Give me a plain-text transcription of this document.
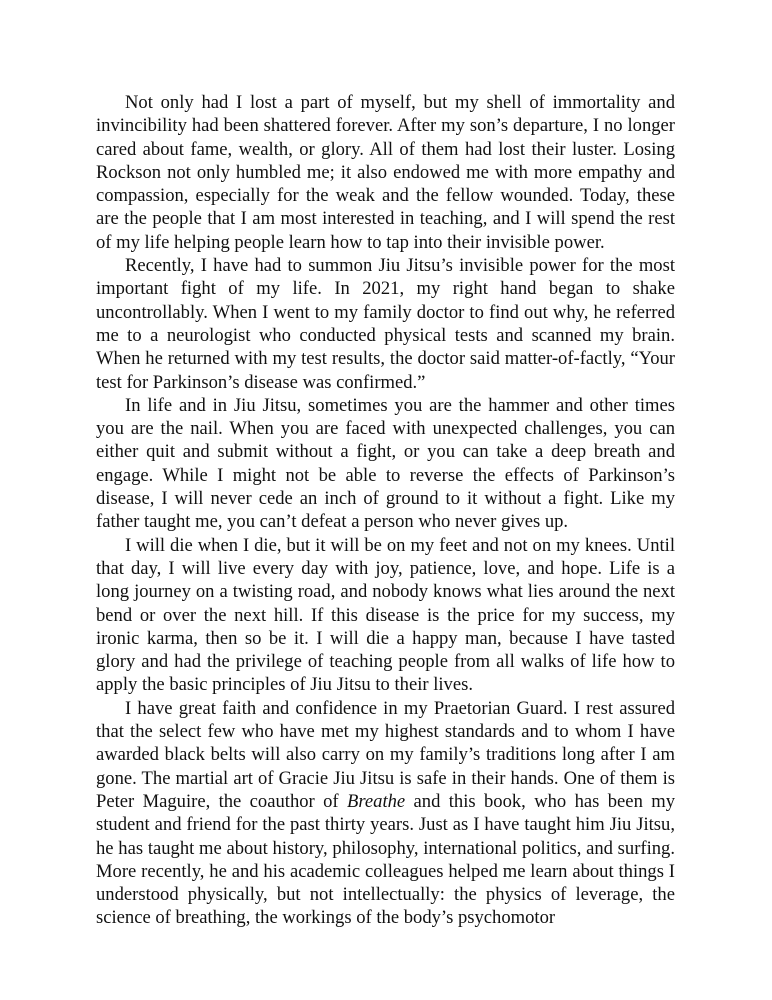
Not only had I lost a part of myself, but my shell of immortality and invincibility had been shattered forever. After my son’s departure, I no longer cared about fame, wealth, or glory. All of them had lost their luster. Losing Rockson not only humbled me; it also endowed me with more empathy and compassion, especially for the weak and the fellow wounded. Today, these are the people that I am most interested in teaching, and I will spend the rest of my life helping people learn how to tap into their invisible power.

Recently, I have had to summon Jiu Jitsu’s invisible power for the most important fight of my life. In 2021, my right hand began to shake uncontrollably. When I went to my family doctor to find out why, he referred me to a neurologist who conducted physical tests and scanned my brain. When he returned with my test results, the doctor said matter-of-factly, “Your test for Parkinson’s disease was confirmed.”

In life and in Jiu Jitsu, sometimes you are the hammer and other times you are the nail. When you are faced with unexpected challenges, you can either quit and submit without a fight, or you can take a deep breath and engage. While I might not be able to reverse the effects of Parkinson’s disease, I will never cede an inch of ground to it without a fight. Like my father taught me, you can’t defeat a person who never gives up.

I will die when I die, but it will be on my feet and not on my knees. Until that day, I will live every day with joy, patience, love, and hope. Life is a long journey on a twisting road, and nobody knows what lies around the next bend or over the next hill. If this disease is the price for my success, my ironic karma, then so be it. I will die a happy man, because I have tasted glory and had the privilege of teaching people from all walks of life how to apply the basic principles of Jiu Jitsu to their lives.

I have great faith and confidence in my Praetorian Guard. I rest assured that the select few who have met my highest standards and to whom I have awarded black belts will also carry on my family’s traditions long after I am gone. The martial art of Gracie Jiu Jitsu is safe in their hands. One of them is Peter Maguire, the coauthor of Breathe and this book, who has been my student and friend for the past thirty years. Just as I have taught him Jiu Jitsu, he has taught me about history, philosophy, international politics, and surfing. More recently, he and his academic colleagues helped me learn about things I understood physically, but not intellectually: the physics of leverage, the science of breathing, the workings of the body’s psychomotor
